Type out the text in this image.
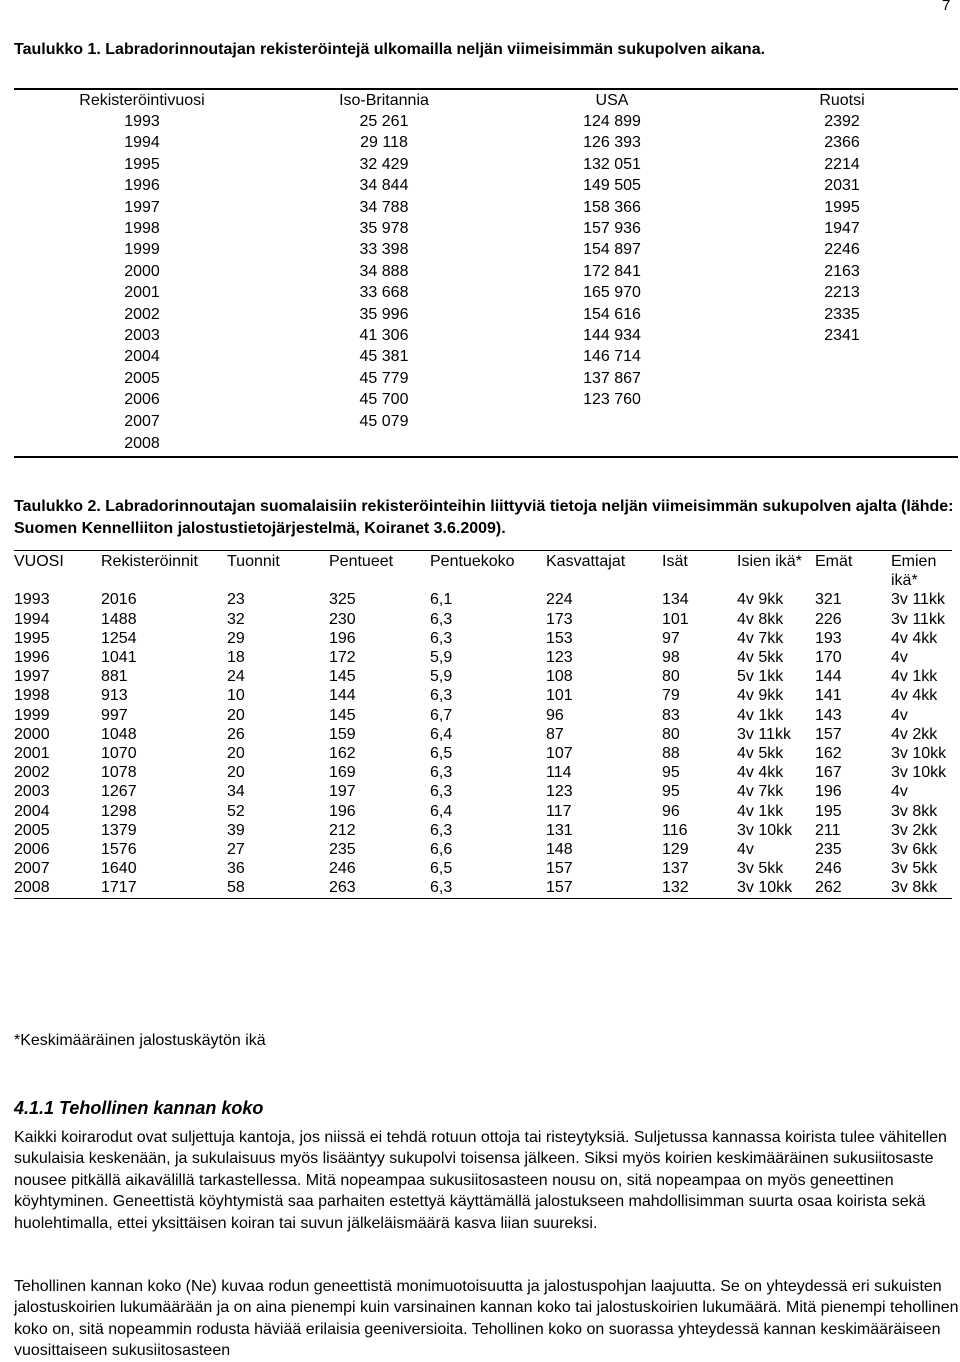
7
Taulukko 1. Labradorinnoutajan rekisteröintejä ulkomailla neljän viimeisimmän sukupolven aikana.
Rekisteröintivuosi	Iso-Britannia	USA	Ruotsi
1993	25 261	124 899	2392
1994	29 118	126 393	2366
1995	32 429	132 051	2214
1996	34 844	149 505	2031
1997	34 788	158 366	1995
1998	35 978	157 936	1947
1999	33 398	154 897	2246
2000	34 888	172 841	2163
2001	33 668	165 970	2213
2002	35 996	154 616	2335
2003	41 306	144 934	2341
2004	45 381	146 714	
2005	45 779	137 867	
2006	45 700	123 760	
2007	45 079		
2008			
Taulukko 2. Labradorinnoutajan suomalaisiin rekisteröinteihin liittyviä tietoja neljän viimeisimmän sukupolven ajalta (lähde: Suomen Kennelliiton jalostustietojärjestelmä, Koiranet 3.6.2009).
VUOSI	Rekisteröinnit	Tuonnit	Pentueet	Pentuekoko	Kasvattajat	Isät	Isien ikä*	Emät	Emien ikä*
1993	2016	23	325	6,1	224	134	4v 9kk	321	3v 11kk
1994	1488	32	230	6,3	173	101	4v 8kk	226	3v 11kk
1995	1254	29	196	6,3	153	97	4v 7kk	193	4v 4kk
1996	1041	18	172	5,9	123	98	4v 5kk	170	4v
1997	881	24	145	5,9	108	80	5v 1kk	144	4v 1kk
1998	913	10	144	6,3	101	79	4v 9kk	141	4v 4kk
1999	997	20	145	6,7	96	83	4v 1kk	143	4v
2000	1048	26	159	6,4	87	80	3v 11kk	157	4v 2kk
2001	1070	20	162	6,5	107	88	4v 5kk	162	3v 10kk
2002	1078	20	169	6,3	114	95	4v 4kk	167	3v 10kk
2003	1267	34	197	6,3	123	95	4v 7kk	196	4v
2004	1298	52	196	6,4	117	96	4v 1kk	195	3v 8kk
2005	1379	39	212	6,3	131	116	3v 10kk	211	3v 2kk
2006	1576	27	235	6,6	148	129	4v	235	3v 6kk
2007	1640	36	246	6,5	157	137	3v 5kk	246	3v 5kk
2008	1717	58	263	6,3	157	132	3v 10kk	262	3v 8kk
*Keskimääräinen jalostuskäytön ikä
4.1.1 Tehollinen kannan koko

Kaikki koirarodut ovat suljettuja kantoja, jos niissä ei tehdä rotuun ottoja tai risteytyksiä. Suljetussa kannassa koirista tulee vähitellen sukulaisia keskenään, ja sukulaisuus myös lisääntyy sukupolvi toisensa jälkeen. Siksi myös koirien keskimääräinen sukusiitosaste nousee pitkällä aikavälillä tarkastellessa. Mitä nopeampaa sukusiitosasteen nousu on, sitä nopeampaa on myös geneettinen köyhtyminen. Geneettistä köyhtymistä saa parhaiten estettyä käyttämällä jalostukseen mahdollisimman suurta osaa koirista sekä huolehtimalla, ettei yksittäisen koiran tai suvun jälkeläismäärä kasva liian suureksi.

Tehollinen kannan koko (Ne) kuvaa rodun geneettistä monimuotoisuutta ja jalostuspohjan laajuutta. Se on yhteydessä eri sukuisten jalostuskoirien lukumäärään ja on aina pienempi kuin varsinainen kannan koko tai jalostuskoirien lukumäärä. Mitä pienempi tehollinen koko on, sitä nopeammin rodusta häviää erilaisia geeniversioita. Tehollinen koko on suorassa yhteydessä kannan keskimääräiseen vuosittaiseen sukusiitosasteen
